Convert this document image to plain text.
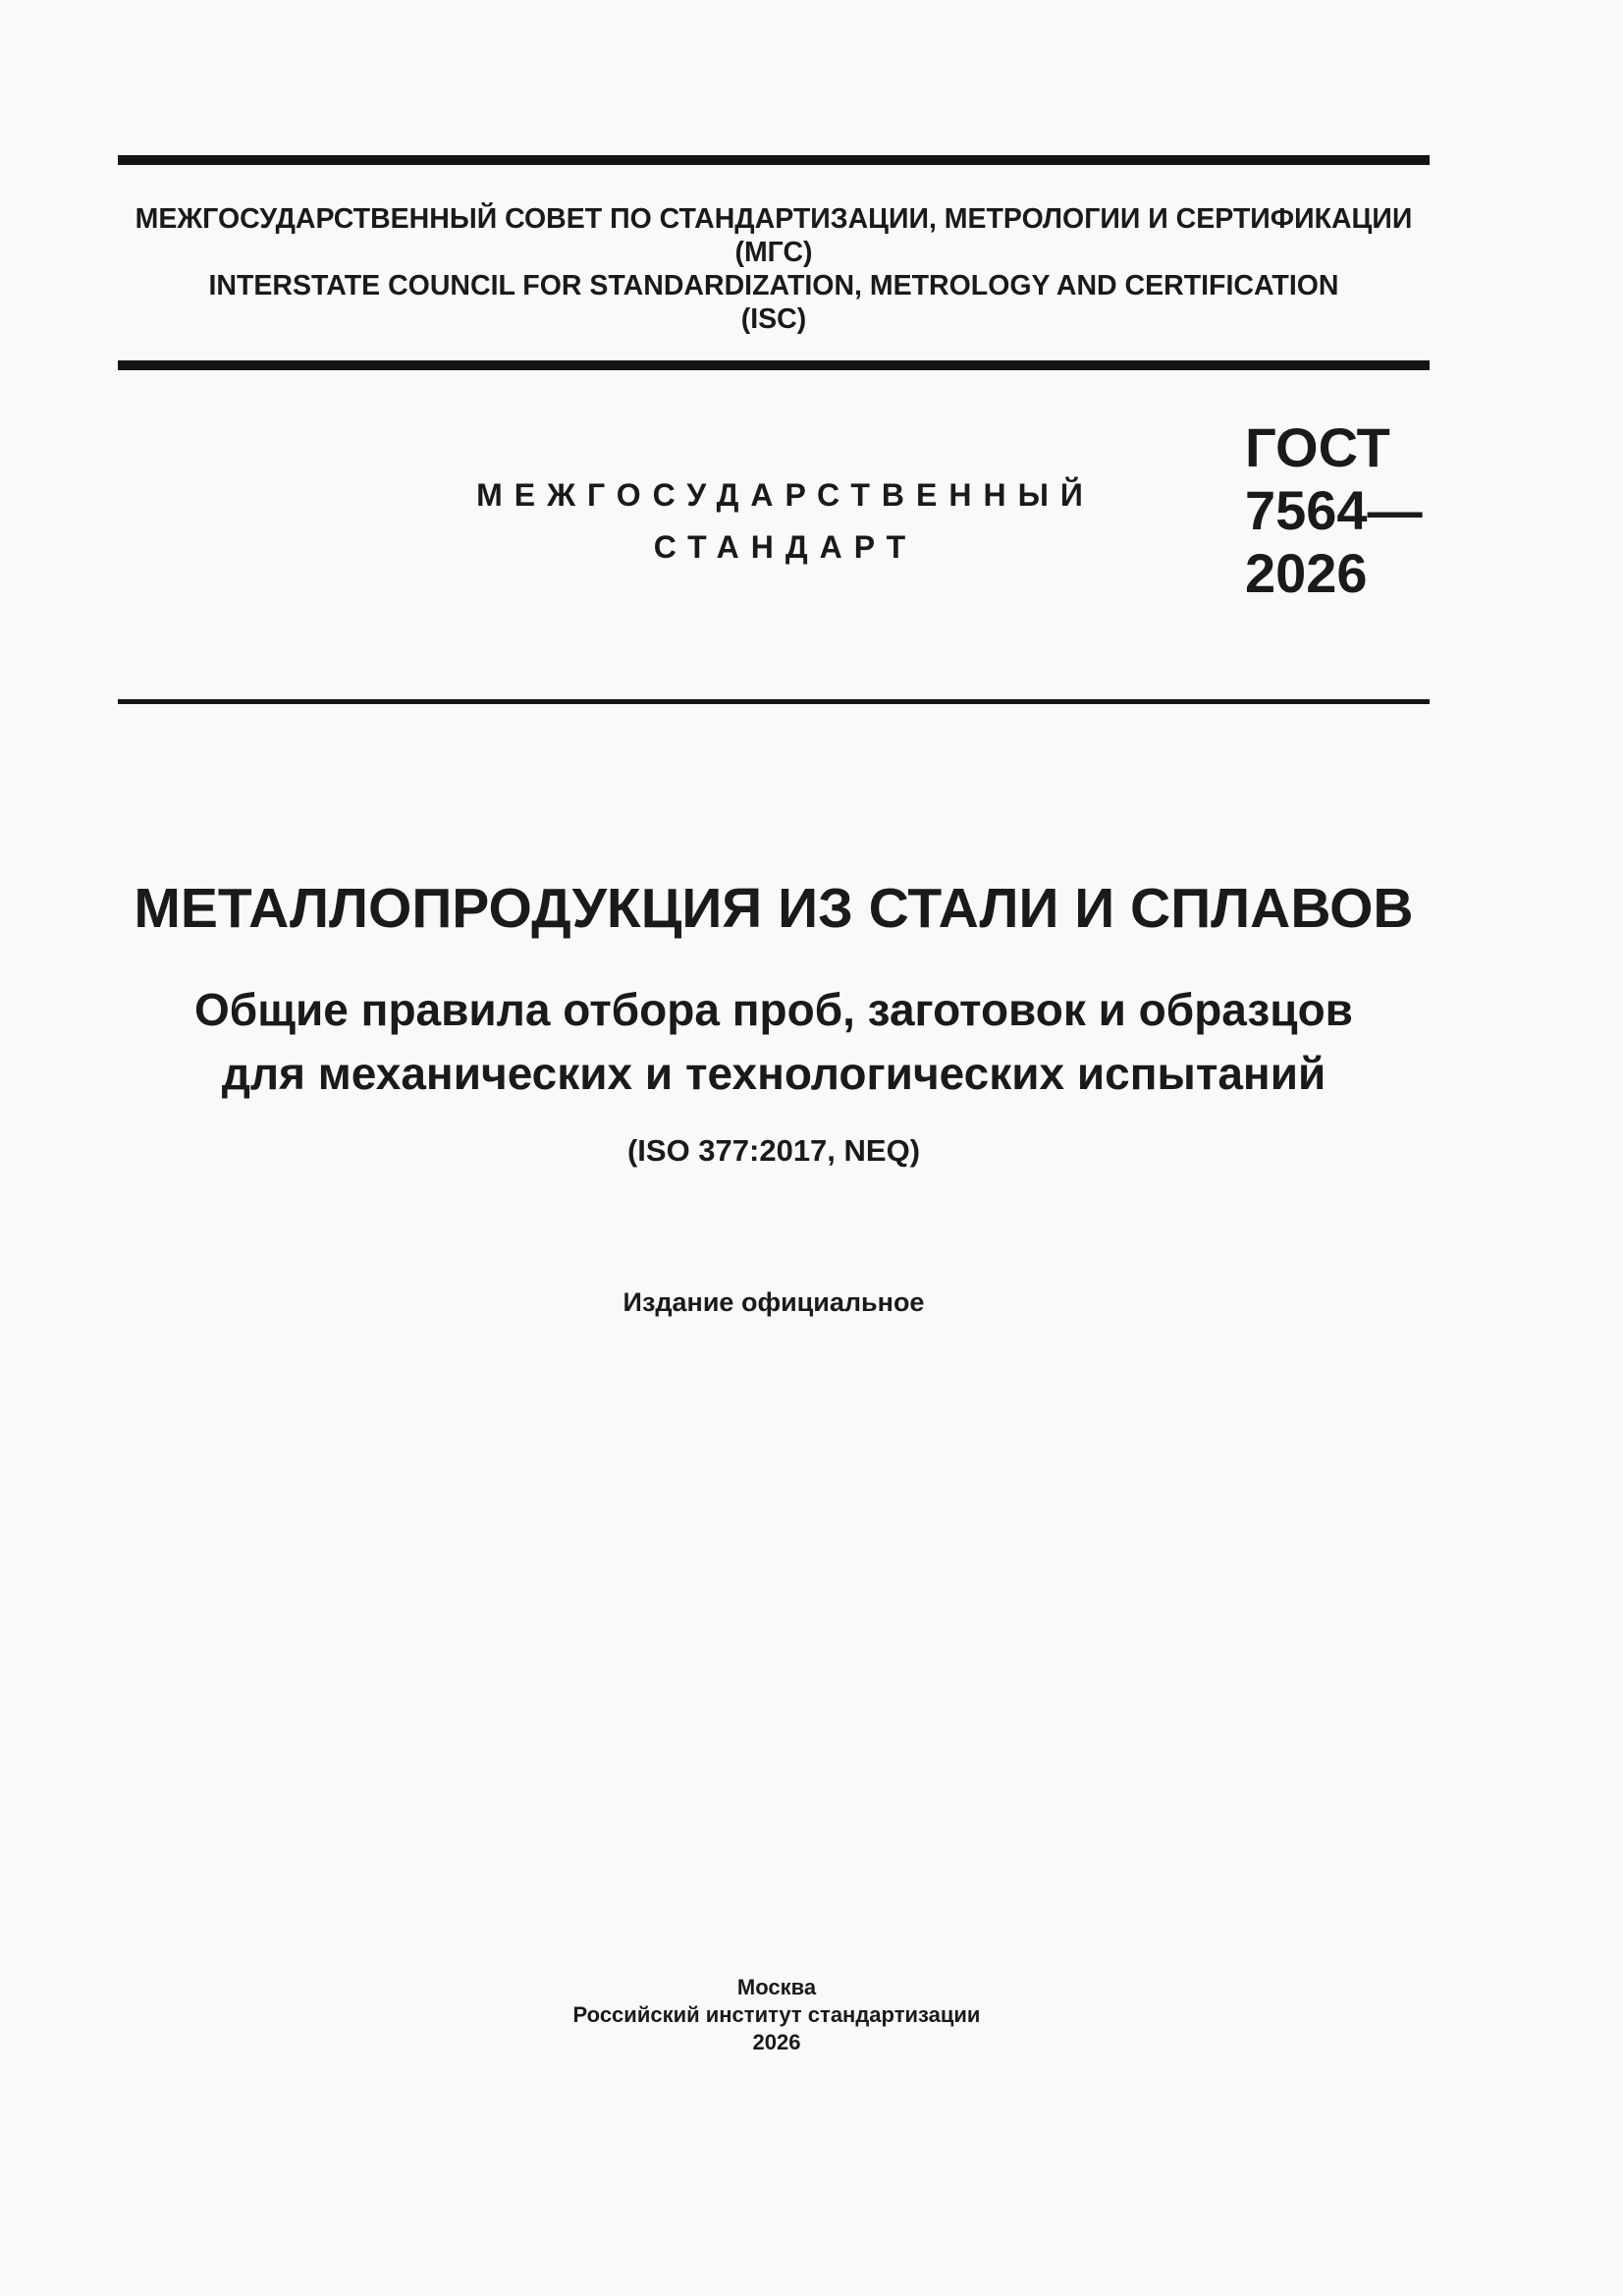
МЕЖГОСУДАРСТВЕННЫЙ СОВЕТ ПО СТАНДАРТИЗАЦИИ, МЕТРОЛОГИИ И СЕРТИФИКАЦИИ
(МГС)
INTERSTATE COUNCIL FOR STANDARDIZATION, METROLOGY AND CERTIFICATION
(ISC)
МЕЖГОСУДАРСТВЕННЫЙ
СТАНДАРТ
ГОСТ
7564—
2026
МЕТАЛЛОПРОДУКЦИЯ ИЗ СТАЛИ И СПЛАВОВ
Общие правила отбора проб, заготовок и образцов
для механических и технологических испытаний
(ISO 377:2017, NEQ)
Издание официальное
Москва
Российский институт стандартизации
2026
